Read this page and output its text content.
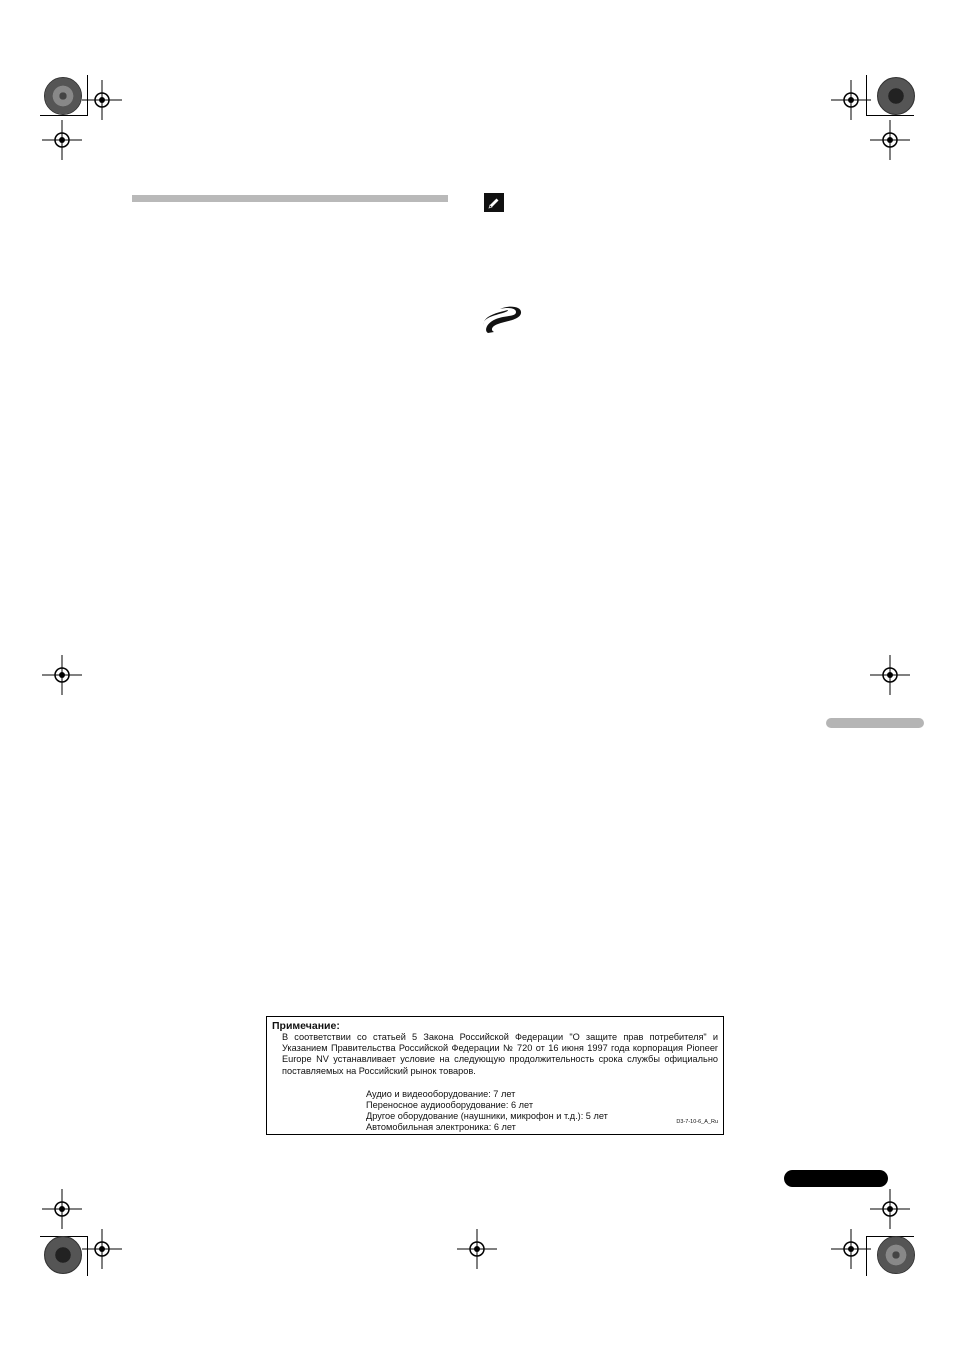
Примечание:
В соответствии со статьей 5 Закона Российской Федерации "О защите прав потребителя" и Указанием Правительства Российской Федерации № 720 от 16 июня 1997 года корпорация Pioneer Europe NV устанавливает условие на следующую продолжительность срока службы официально поставляемых на Российский рынок товаров.
Аудио и видеооборудование: 7 лет
Переносное аудиооборудование: 6 лет
Другое оборудование (наушники, микрофон и т.д.): 5 лет
Автомобильная электроника: 6 лет
D3-7-10-6_A_Ru
